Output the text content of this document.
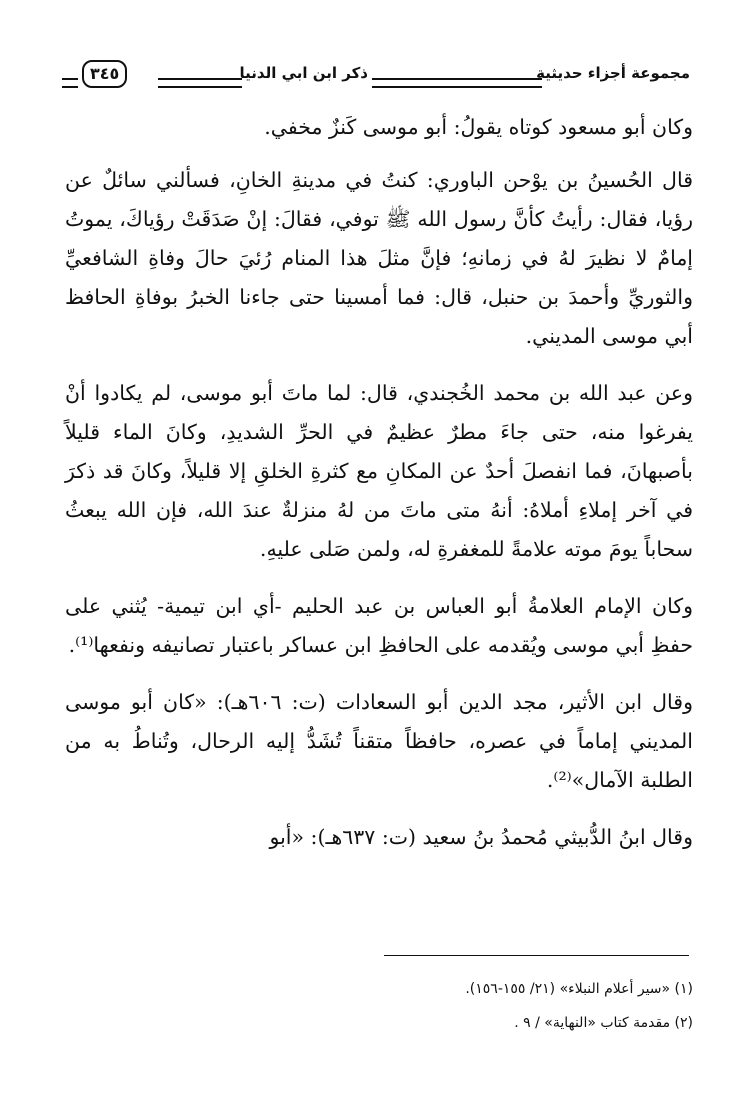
مجموعة أجزاء حديثية
ذكر ابن ابي الدنيا
٣٤٥

وكان أبو مسعود كوتاه يقولُ: أبو موسى كَنزٌ مخفي.

قال الحُسينُ بن يوْحن الباوري: كنتُ في مدينةِ الخانِ، فسألني سائلٌ عن رؤيا، فقال: رأيتُ كأنَّ رسول الله ﷺ توفي، فقالَ: إنْ صَدَقَتْ رؤياكَ، يموتُ إمامٌ لا نظيرَ لهُ في زمانهِ؛ فإنَّ مثلَ هذا المنام رُئيَ حالَ وفاةِ الشافعيِّ والثوريِّ وأحمدَ بن حنبل، قال: فما أمسينا حتى جاءنا الخبرُ بوفاةِ الحافظ أبي موسى المديني.

وعن عبد الله بن محمد الخُجندي، قال: لما ماتَ أبو موسى، لم يكادوا أنْ يفرغوا منه، حتى جاءَ مطرٌ عظيمٌ في الحرِّ الشديدِ، وكانَ الماء قليلاً بأصبهانَ، فما انفصلَ أحدٌ عن المكانِ مع كثرةِ الخلقِ إلا قليلاً، وكانَ قد ذكرَ في آخر إملاءِ أملاهُ: أنهُ متى ماتَ من لهُ منزلةٌ عندَ الله، فإن الله يبعثُ سحاباً يومَ موته علامةً للمغفرةِ له، ولمن صَلى عليهِ.

وكان الإمام العلامةُ أبو العباس بن عبد الحليم -أي ابن تيمية- يُثني على حفظِ أبي موسى ويُقدمه على الحافظِ ابن عساكر باعتبار تصانيفه ونفعها⁽¹⁾.

وقال ابن الأثير، مجد الدين أبو السعادات (ت: ٦٠٦هـ): «كان أبو موسى المديني إماماً في عصره، حافظاً متقناً تُشَدُّ إليه الرحال، وتُناطُ به من الطلبة الآمال»⁽²⁾.

وقال ابنُ الدُّبيثي مُحمدُ بنُ سعيد (ت: ٦٣٧هـ): «أبو

(١) «سير أعلام النبلاء» (٢١/ ١٥٥-١٥٦).

(٢) مقدمة كتاب «النهاية» / ٩ .
